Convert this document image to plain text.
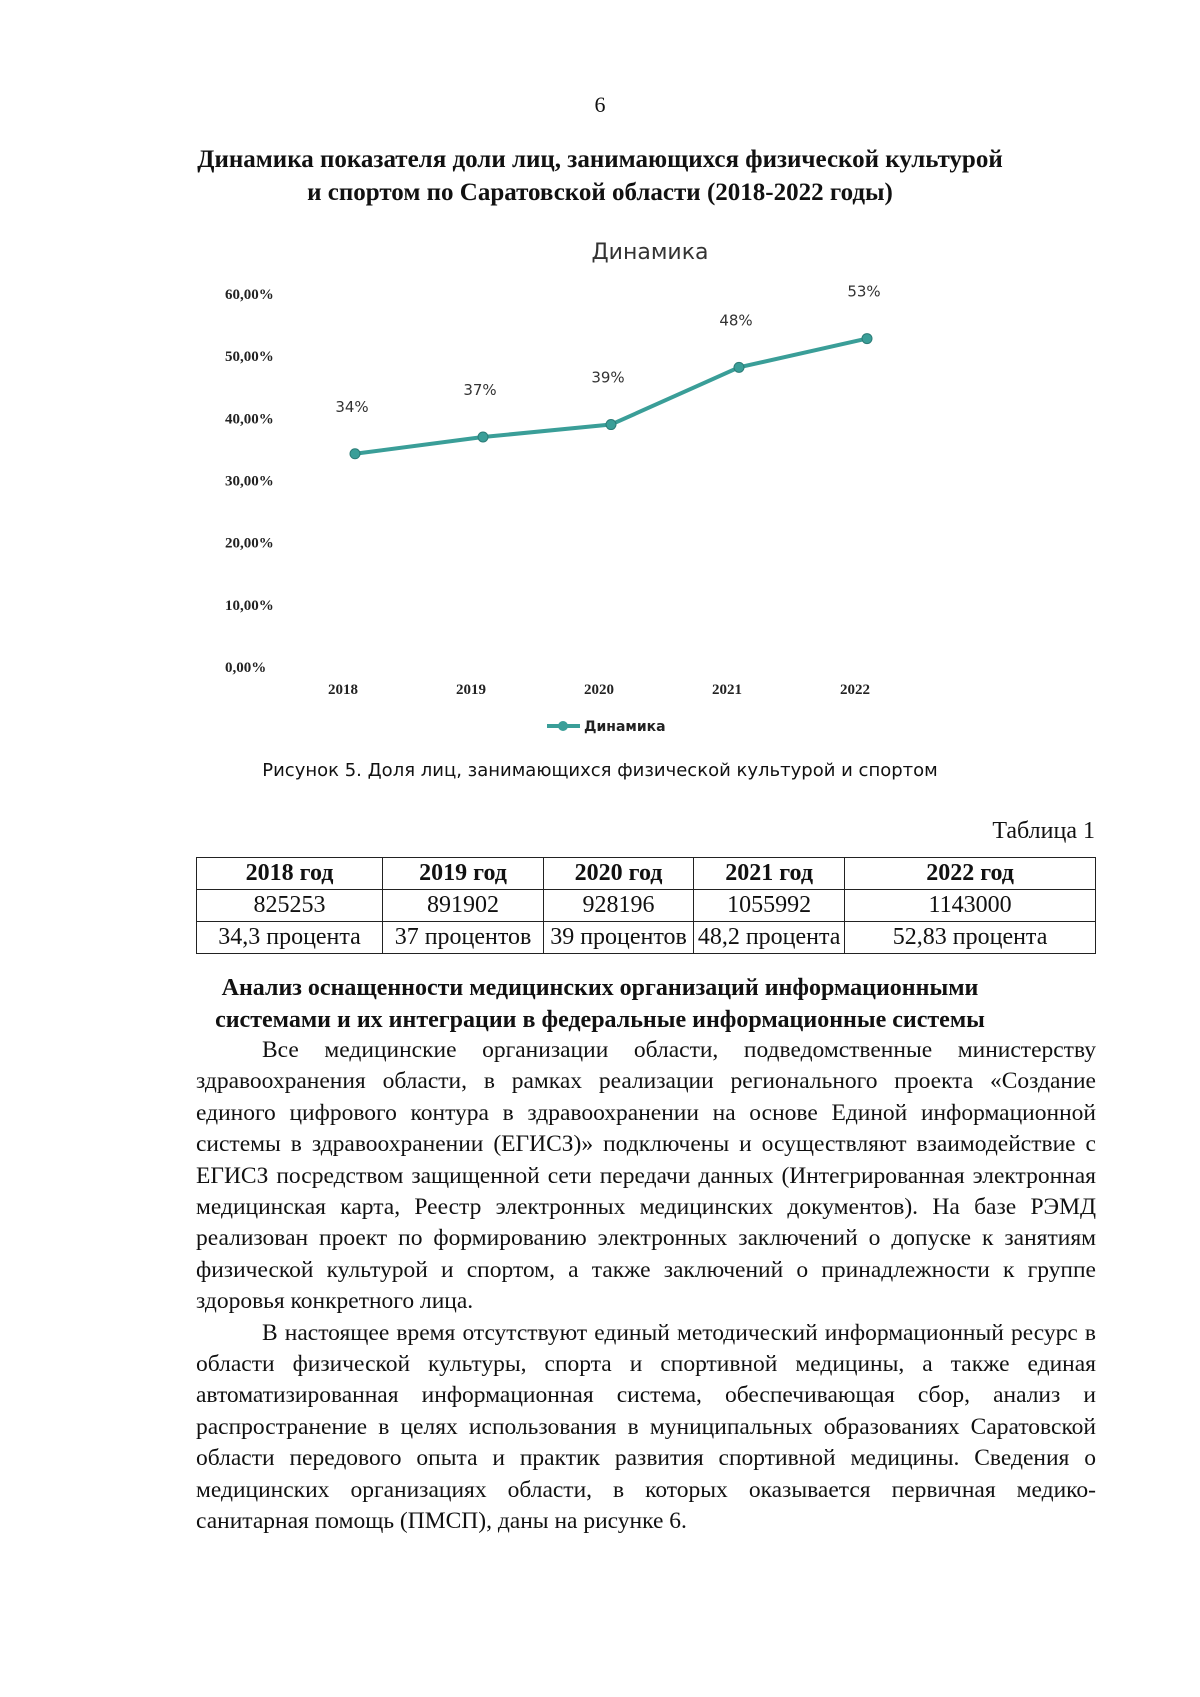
6
Динамика показателя доли лиц, занимающихся физической культурой
и спортом по Саратовской области (2018-2022 годы)
Динамика
0,00%
10,00%
20,00%
30,00%
40,00%
50,00%
60,00%
2018	2019	2020	2021	2022
34%
37%
39%
48%
53%
Динамика
Рисунок 5. Доля лиц, занимающихся физической культурой и спортом
Таблица 1
2018 год	2019 год	2020 год	2021 год	2022 год
825253	891902	928196	1055992	1143000
34,3 процента	37 процентов	39 процентов	48,2 процента	52,83 процента
Анализ оснащенности медицинских организаций информационными
системами и их интеграции в федеральные информационные системы

Все медицинские организации области, подведомственные министерству здравоохранения области, в рамках реализации регионального проекта «Создание единого цифрового контура в здравоохранении на основе Единой информационной системы в здравоохранении (ЕГИСЗ)» подключены и осуществляют взаимодействие с ЕГИСЗ посредством защищенной сети передачи данных (Интегрированная электронная медицинская карта, Реестр электронных медицинских документов). На базе РЭМД реализован проект по формированию электронных заключений о допуске к занятиям физической культурой и спортом, а также заключений о принадлежности к группе здоровья конкретного лица.

В настоящее время отсутствуют единый методический информационный ресурс в области физической культуры, спорта и спортивной медицины, а также единая автоматизированная информационная система, обеспечивающая сбор, анализ и распространение в целях использования в муниципальных образованиях Саратовской области передового опыта и практик развития спортивной медицины. Сведения о медицинских организациях области, в которых оказывается первичная медико-санитарная помощь (ПМСП), даны на рисунке 6.
